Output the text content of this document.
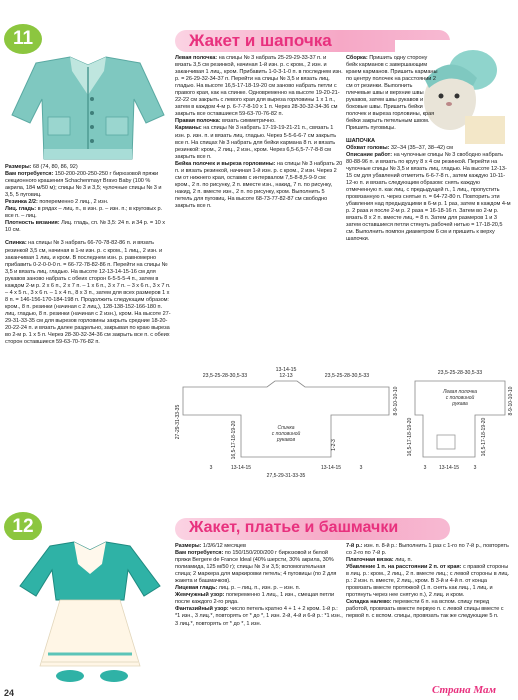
11	Жакет и шапочка

Размеры: 68 (74, 80, 86, 92)

Вам потребуется: 150-200-200-250-250 г бирюзовой пряжи секционного крашения Schachenmayr Bravo Baby (100 % акрила, 184 м/50 м); спицы № 3 и 3,5; чулочные спицы № 3 и 3,5, 5 пуговиц.

Резинка 2/2: попеременно 2 лиц., 2 изн.

Лиц. гладь: в рядах – лиц. п., в изн. р. – изн. п.; в круговых р. все п. – лиц.

Плотность вязания: Лиц. гладь, сп. № 3,5: 24 п. и 34 р. = 10 х 10 см.

Спинка: на спицы № 3 набрать 66-70-78-82-86 п. и вязать резинкой 3,5 см, начиная в 1-м изн. р. с кром., 1 лиц., 2 изн. и заканчивая 1 лиц. и кром. В последнем изн. р. равномерно прибавить 0-2-0-0-0 п. = 66-72-78-82-86 п. Перейти на спицы № 3,5 и вязать лиц. гладью. На высоте 12-13-14-15-16 см для рукавов заново набрать с обеих сторон 6-5-5-5-4 п., затем в каждом 2-м р. 2 х 6 п., 2 х 7 п. – 1 х 6 п., 3 х 7 п. – 3 х 6 п., 3 х 7 п. – 4 х 5 п., 3 х 6 п. – 1 х 4 п., 8 х 3 п., затем для всех размеров 1 х 8 п. = 146-156-170-184-198 п. Продолжить следующим образом: кром., 8 п. резинки (начиная с 2 лиц.), 128-138-152-166-180 п. лиц. гладью, 8 п. резинки (начиная с 2 изн.), кром. На высоте 27-29-31-33-35 см для вырезов горловины закрыть средние 18-20-20-22-24 п. и вязать далее раздельно, закрывая по краю выреза во 2-м р. 1 х 5 п. Через 28-30-32-34-36 см закрыть все п. с обеих сторон оставшиеся 59-63-70-76-82 п.

Левая полочка: на спицы № 3 набрать 25-29-29-33-37 п. и вязать 3,5 см резинкой, начиная 1-й изн. р. с кром., 2 изн. и заканчивая 1 лиц., кром. Прибавить 1-0-3-1-0 п. в последнем изн. р. = 26-29-32-34-37 п. Перейти на спицы № 3,5 и вязать лиц. гладью. На высоте 16,5-17-18-19-20 см заново набрать петли с правого края, как на спинке. Одновременно на высоте 19-20-21-22-22 см закрыть с левого края для выреза горловины 1 х 1 п., затем в каждом 4-м р. 6-7-7-8-10 х 1 п. Через 28-30-32-34-36 см закрыть все оставшиеся 59-63-70-76-82 п.

Правая полочка: вязать симметрично.

Карманы: на спицы № 3 набрать 17-19-19-21-21 п., связать 1 изн. р. изн. п. и вязать лиц. гладью. Через 5-5-6-6-7 см закрыть все п. На спицах № 3 набрать для бейки кармана 8 п. и вязать резинкой: кром., 2 лиц., 2 изн., кром. Через 6,5-6,5-7-7-8-8 см закрыть все п.

Бейка полочек и выреза горловины: на спицы № 3 набрать 20 п. и вязать резинкой, начиная 1-й изн. р. с кром., 2 изн. Через 2 см от нижнего края, оставив с интервалом 7,5-8-8,5-9-9 см: кром., 2 п. по рисунку, 2 п. вместе изн., накид, 7 п. по рисунку, накид, 2 п. вместе изн., 2 п. по рисунку, кром. Выполнить 5 петель для пуговиц. На высоте 68-73-77-82-87 см свободно закрыть все п.

Сборка: Пришить одну сторону бейк карманов с завершающим краем карманов. Пришить карманы по центру полочек на расстоянии 2 см от резинки. Выполнить плечевые швы и верхние швы рукавов, затем швы рукавов и боковые швы. Пришить бейки полочек и выреза горловины, края бейки закрыть петельным швом. Пришить пуговицы.

ШАПОЧКА

Обхват головы: 32–34 (35–37, 38–42) см

Описание работ: на чулочные спицы № 3 свободно набрать 80-88-96 п. и вязать по кругу 8 х 4 см резинкой. Перейти на чулочные спицы № 3,5 и вязать лиц. гладью. На высоте 12-13-15 см для убавлений отметить 6-6-7-8 п., затем каждую 10-11-12-ю п. и вязать следующим образом: снять каждую отмеченную п. как лиц. с предыдущей п., 1 лиц., пропустить провязанную п. через снятые п. = 64-72-80 п. Повторить эти убавления над предыдущими в 6-м р. 1 раз, затем в каждом 4-м р. 2 раза и после 2-м р. 2 раза = 16-18-16 п. Затем во 2-м р. вязать 8 х 2 п. вместе лиц. = 8 п. Затем для размеров 1 и 3 затем оставшиеся петли стянуть рабочей нитью = 17-18-20,5 см. Выполнить помпон диаметром 6 см и пришить к верху шапочки.

13-14-15
12-13
23,5-25-28-30,5-33	23,5-25-28-30,5-33
Спинка с половиной рукавов
27-29-31-33-35	16,5-17-18-19-20
8-9-10-10-10
1-2-3
13-14-15
27,5-29-31-33-35
13-14-15
23,5-25-28-30,5-33
Левая полочка с половиной рукава	8-9-10-10-10
16,5-17-18-19-20
16,5-17-18-19-20
13-14-15
3	3	3	3
12	Жакет, платье и башмачки

Размеры: 1/3/6/12 месяцев

Вам потребуется: по 150/150/200/200 г бирюзовой и белой пряжи Bergere de France Ideal (40% шерсти, 30% акрила, 30% полиамида, 125 м/50 г); спицы № 3 и 3,5; вспомогательная спица; 2 маркера для маркировки петель; 4 пуговицы (по 2 для жакета и башмачков).

Лицевая гладь: лиц. р. – лиц. п., изн. р. – изн. п.

Жемчужный узор: попеременно 1 лиц., 1 изн., смещая петли после каждого 2-го ряда.

Фантазийный узор: число петель кратно 4 + 1 + 2 кром. 1-й р.: *1 изн., 3 лиц.*, повторять от * до *, 1 изн. 2-й, 4-й и 6-й р.: *1 изн., 3 лиц.*, повторять от * до *, 1 изн.

7-й р.: изн. п. 8-й р.: Выполнить 1 раз с 1-го по 7-й р., повторять со 2-го по 7-й р.

Платочная вязка: лиц. п.

Убавление 1 п. на расстоянии 2 п. от края: с правой стороны в лиц. р.: кром., 2 лиц., 2 п. вместе лиц.; с левой стороны в лиц. р.: 2 изн. п. вместе, 2 лиц., кром. В 3-й и 4-й п. от конца провязать вместе протяжкой (1 п. снять как лиц., 1 лиц. и протянуть через нее снятую п.), 2 лиц. и кром.

Складка налево: перевести 6 п. на вспом. спицу перед работой, провязать вместе первую п. с левой спицы вместе с первой п. с вспом. спицы, провязать так же следующие 5 п.

24	Страна Мам
